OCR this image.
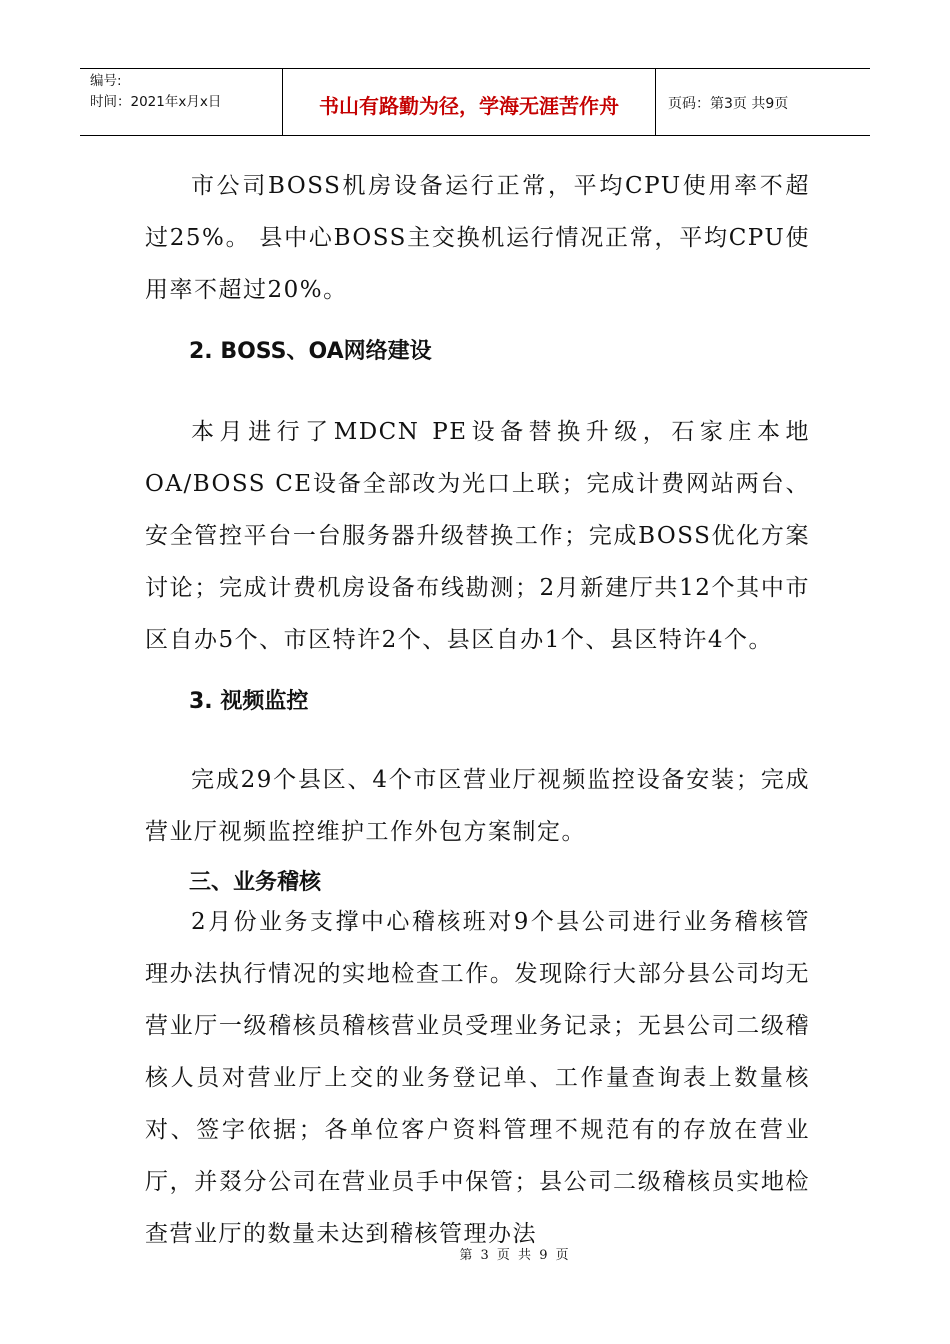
编号:
时间：2021年x月x日	书山有路勤为径，学海无涯苦作舟	页码：第3页 共9页

市公司BOSS机房设备运行正常，平均CPU使用率不超过25%。 县中心BOSS主交换机运行情况正常，平均CPU使用率不超过20%。

2. BOSS、OA网络建设

本月进行了MDCN PE设备替换升级，石家庄本地OA/BOSS CE设备全部改为光口上联；完成计费网站两台、安全管控平台一台服务器升级替换工作；完成BOSS优化方案讨论；完成计费机房设备布线勘测；2月新建厅共12个其中市区自办5个、市区特许2个、县区自办1个、县区特许4个。

3. 视频监控

完成29个县区、4个市区营业厅视频监控设备安装；完成营业厅视频监控维护工作外包方案制定。

三、业务稽核

2月份业务支撑中心稽核班对9个县公司进行业务稽核管理办法执行情况的实地检查工作。发现除行大部分县公司均无营业厅一级稽核员稽核营业员受理业务记录；无县公司二级稽核人员对营业厅上交的业务登记单、工作量查询表上数量核对、签字依据；各单位客户资料管理不规范有的存放在营业厅，并叕分公司在营业员手中保管；县公司二级稽核员实地检查营业厅的数量未达到稽核管理办法

第 3 页 共 9 页
